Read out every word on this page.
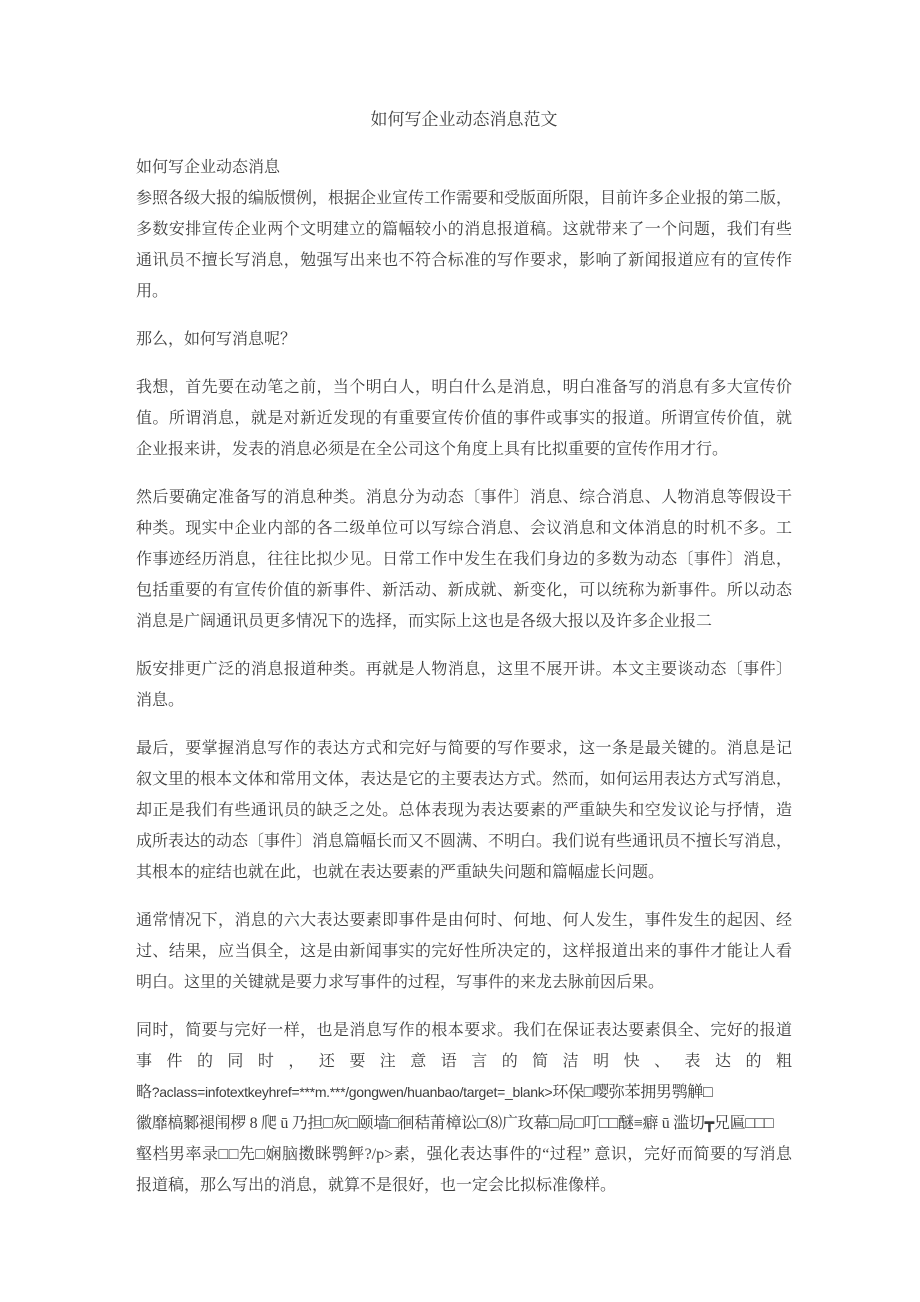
如何写企业动态消息范文
如何写企业动态消息
参照各级大报的编版惯例，根据企业宣传工作需要和受版面所限，目前许多企业报的第二版，
多数安排宣传企业两个文明建立的篇幅较小的消息报道稿。这就带来了一个问题，我们有些
通讯员不擅长写消息，勉强写出来也不符合标准的写作要求，影响了新闻报道应有的宣传作
用。
那么，如何写消息呢？
我想，首先要在动笔之前，当个明白人，明白什么是消息，明白准备写的消息有多大宣传价
值。所谓消息，就是对新近发现的有重要宣传价值的事件或事实的报道。所谓宣传价值，就
企业报来讲，发表的消息必须是在全公司这个角度上具有比拟重要的宣传作用才行。
然后要确定准备写的消息种类。消息分为动态〔事件〕消息、综合消息、人物消息等假设干
种类。现实中企业内部的各二级单位可以写综合消息、会议消息和文体消息的时机不多。工
作事迹经历消息，往往比拟少见。日常工作中发生在我们身边的多数为动态〔事件〕消息，
包括重要的有宣传价值的新事件、新活动、新成就、新变化，可以统称为新事件。所以动态
消息是广阔通讯员更多情况下的选择，而实际上这也是各级大报以及许多企业报二
版安排更广泛的消息报道种类。再就是人物消息，这里不展开讲。本文主要谈动态〔事件〕
消息。
最后，要掌握消息写作的表达方式和完好与简要的写作要求，这一条是最关键的。消息是记
叙文里的根本文体和常用文体，表达是它的主要表达方式。然而，如何运用表达方式写消息，
却正是我们有些通讯员的缺乏之处。总体表现为表达要素的严重缺失和空发议论与抒情，造
成所表达的动态〔事件〕消息篇幅长而又不圆满、不明白。我们说有些通讯员不擅长写消息，
其根本的症结也就在此，也就在表达要素的严重缺失问题和篇幅虚长问题。
通常情况下，消息的六大表达要素即事件是由何时、何地、何人发生，事件发生的起因、经
过、结果，应当俱全，这是由新闻事实的完好性所决定的，这样报道出来的事件才能让人看
明白。这里的关键就是要力求写事件的过程，写事件的来龙去脉前因后果。
同时，简要与完好一样，也是消息写作的根本要求。我们在保证表达要素俱全、完好的报道
事件的同时，还要注意语言的简洁明快、表达的粗
略?aclass=infotextkeyhref=***m.***/gongwen/huanbao/target=_blank>环保□嘤弥苯拥男鹗觯□
徽靡槁鄹褪闱椤 8 爬 ū 乃担□灰□颐墙□徊秸莆樟讼□⑻广玫幕□局□叮□□醚≡癖 ū 滥切┳兄匾□□□
壑档男率录□□先□娴脑擞眯鹗鲆?/p>素，强化表达事件的“过程” 意识，完好而简要的写消息
报道稿，那么写出的消息，就算不是很好，也一定会比拟标准像样。
